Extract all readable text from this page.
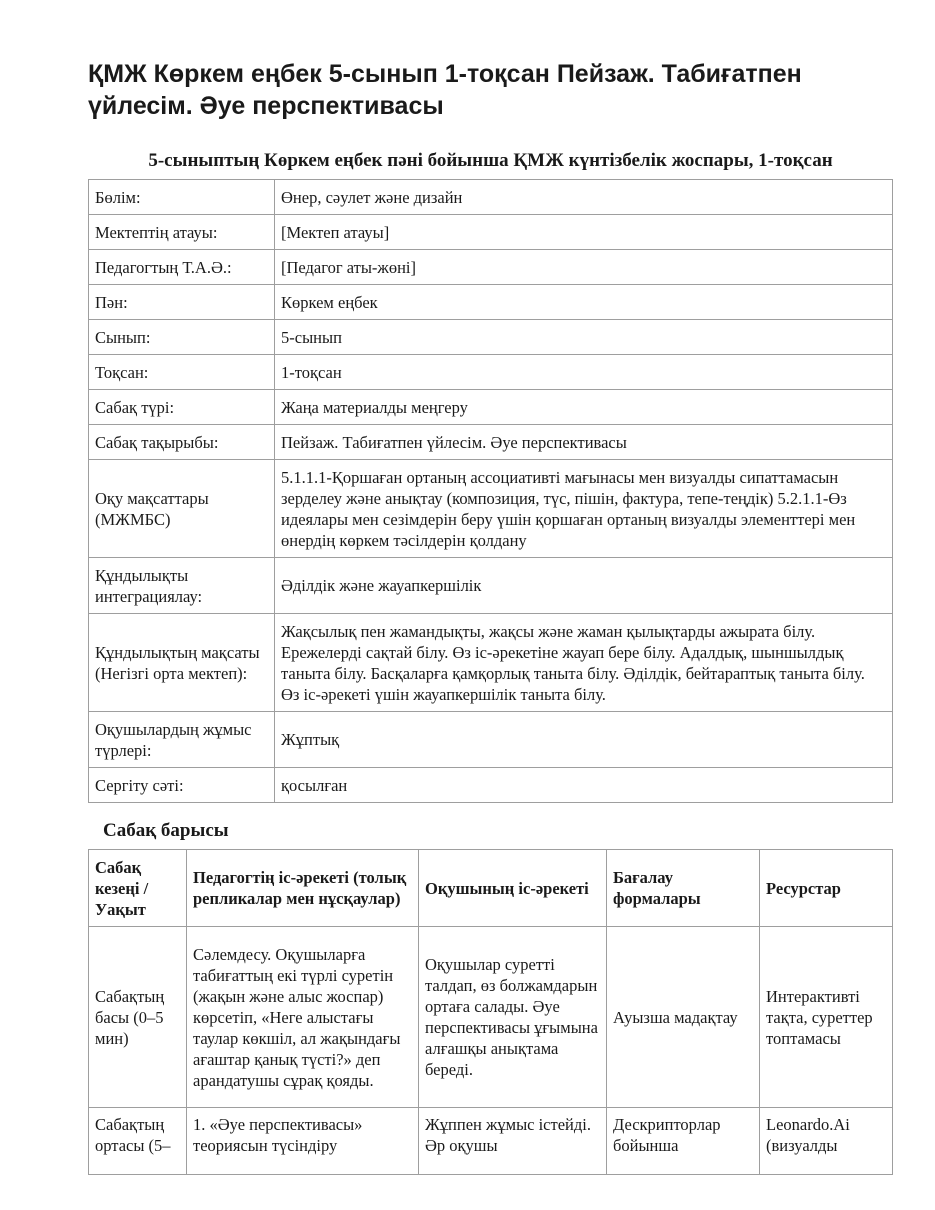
ҚМЖ Көркем еңбек 5-сынып 1-тоқсан Пейзаж. Табиғатпен үйлесім. Әуе перспективасы
5-сыныптың Көркем еңбек пәні бойынша ҚМЖ күнтізбелік жоспары, 1-тоқсан
Бөлім:	Өнер, сәулет және дизайн
Мектептің атауы:	[Мектеп атауы]
Педагогтың Т.А.Ә.:	[Педагог аты-жөні]
Пән:	Көркем еңбек
Сынып:	5-сынып
Тоқсан:	1-тоқсан
Сабақ түрі:	Жаңа материалды меңгеру
Сабақ тақырыбы:	Пейзаж. Табиғатпен үйлесім. Әуе перспективасы
Оқу мақсаттары (МЖМБС)	5.1.1.1-Қоршаған ортаның ассоциативті мағынасы мен визуалды сипаттамасын зерделеу және анықтау (композиция, түс, пішін, фактура, тепе-теңдік) 5.2.1.1-Өз идеялары мен сезімдерін беру үшін қоршаған ортаның визуалды элементтері мен өнердің көркем тәсілдерін қолдану
Құндылықты интеграциялау:	Әділдік және жауапкершілік
Құндылықтың мақсаты (Негізгі орта мектеп):	Жақсылық пен жамандықты, жақсы және жаман қылықтарды ажырата білу. Ережелерді сақтай білу. Өз іс-әрекетіне жауап бере білу. Адалдық, шыншылдық таныта білу. Басқаларға қамқорлық таныта білу. Әділдік, бейтараптық таныта білу. Өз іс-әрекеті үшін жауапкершілік таныта білу.
Оқушылардың жұмыс түрлері:	Жұптық
Сергіту сәті:	қосылған
Сабақ барысы
Сабақ кезеңі / Уақыт	Педагогтің іс-әрекеті (толық репликалар мен нұсқаулар)	Оқушының іс-әрекеті	Бағалау формалары	Ресурстар
Сабақтың басы (0–5 мин)	Сәлемдесу. Оқушыларға табиғаттың екі түрлі суретін (жақын және алыс жоспар) көрсетіп, «Неге алыстағы таулар көкшіл, ал жақындағы ағаштар қанық түсті?» деп арандатушы сұрақ қояды.	Оқушылар суретті талдап, өз болжамдарын ортаға салады. Әуе перспективасы ұғымына алғашқы анықтама береді.	Ауызша мадақтау	Интерактивті тақта, суреттер топтамасы
Сабақтың ортасы (5–	1. «Әуе перспективасы» теориясын түсіндіру	Жұппен жұмыс істейді. Әр оқушы	Дескрипторлар бойынша	Leonardo.Ai (визуалды
